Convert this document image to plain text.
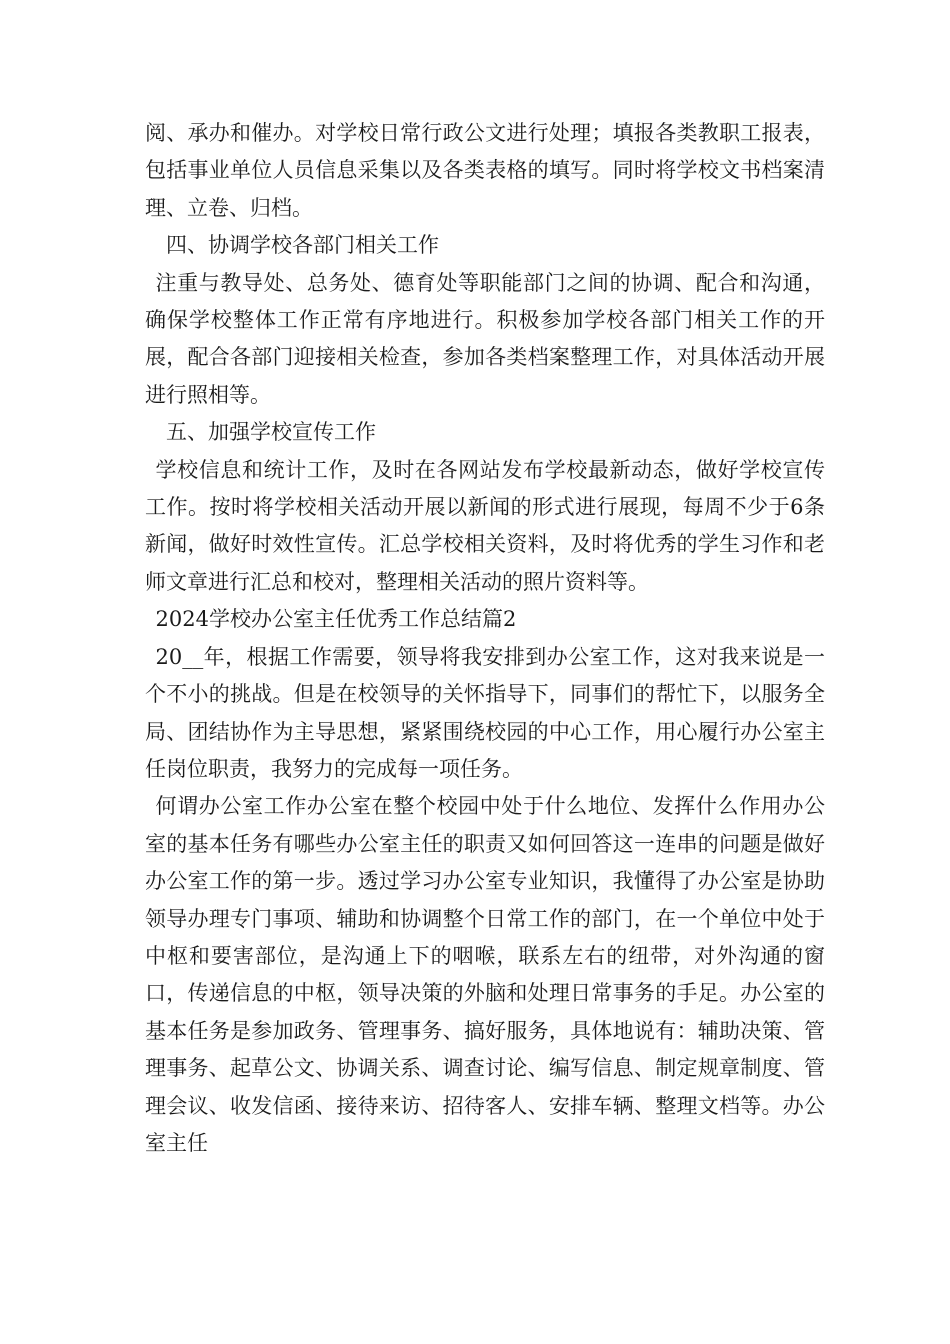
阅、承办和催办。对学校日常行政公文进行处理；填报各类教职工报表，包括事业单位人员信息采集以及各类表格的填写。同时将学校文书档案清理、立卷、归档。

四、协调学校各部门相关工作

注重与教导处、总务处、德育处等职能部门之间的协调、配合和沟通，确保学校整体工作正常有序地进行。积极参加学校各部门相关工作的开展，配合各部门迎接相关检查，参加各类档案整理工作，对具体活动开展进行照相等。

五、加强学校宣传工作

学校信息和统计工作，及时在各网站发布学校最新动态，做好学校宣传工作。按时将学校相关活动开展以新闻的形式进行展现，每周不少于6条新闻，做好时效性宣传。汇总学校相关资料，及时将优秀的学生习作和老师文章进行汇总和校对，整理相关活动的照片资料等。

2024学校办公室主任优秀工作总结篇2

20__年，根据工作需要，领导将我安排到办公室工作，这对我来说是一个不小的挑战。但是在校领导的关怀指导下，同事们的帮忙下，以服务全局、团结协作为主导思想，紧紧围绕校园的中心工作，用心履行办公室主任岗位职责，我努力的完成每一项任务。

何谓办公室工作办公室在整个校园中处于什么地位、发挥什么作用办公室的基本任务有哪些办公室主任的职责又如何回答这一连串的问题是做好办公室工作的第一步。透过学习办公室专业知识，我懂得了办公室是协助领导办理专门事项、辅助和协调整个日常工作的部门，在一个单位中处于中枢和要害部位，是沟通上下的咽喉，联系左右的纽带，对外沟通的窗口，传递信息的中枢，领导决策的外脑和处理日常事务的手足。办公室的基本任务是参加政务、管理事务、搞好服务，具体地说有：辅助决策、管理事务、起草公文、协调关系、调查讨论、编写信息、制定规章制度、管理会议、收发信函、接待来访、招待客人、安排车辆、整理文档等。办公室主任
